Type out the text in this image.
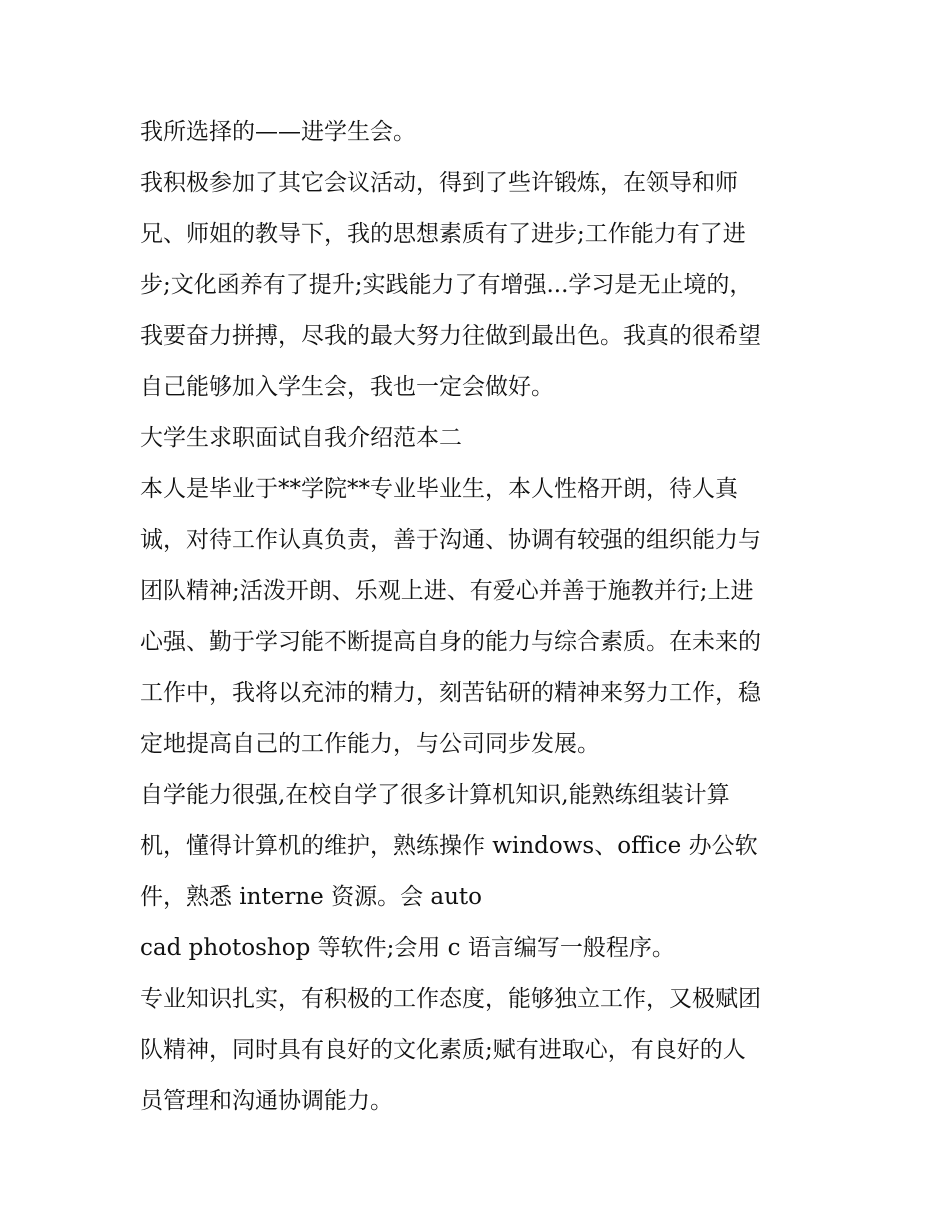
我所选择的——进学生会。
我积极参加了其它会议活动，得到了些许锻炼，在领导和师
兄、师姐的教导下，我的思想素质有了进步;工作能力有了进
步;文化函养有了提升;实践能力了有增强...学习是无止境的，
我要奋力拼搏，尽我的最大努力往做到最出色。我真的很希望
自己能够加入学生会，我也一定会做好。
大学生求职面试自我介绍范本二
本人是毕业于**学院**专业毕业生，本人性格开朗，待人真
诚，对待工作认真负责，善于沟通、协调有较强的组织能力与
团队精神;活泼开朗、乐观上进、有爱心并善于施教并行;上进
心强、勤于学习能不断提高自身的能力与综合素质。在未来的
工作中，我将以充沛的精力，刻苦钻研的精神来努力工作，稳
定地提高自己的工作能力，与公司同步发展。
自学能力很强,在校自学了很多计算机知识,能熟练组装计算
机，懂得计算机的维护，熟练操作 windows、office 办公软
件，熟悉 interne 资源。会 auto
cad photoshop 等软件;会用 c 语言编写一般程序。
专业知识扎实，有积极的工作态度，能够独立工作，又极赋团
队精神，同时具有良好的文化素质;赋有进取心，有良好的人
员管理和沟通协调能力。
